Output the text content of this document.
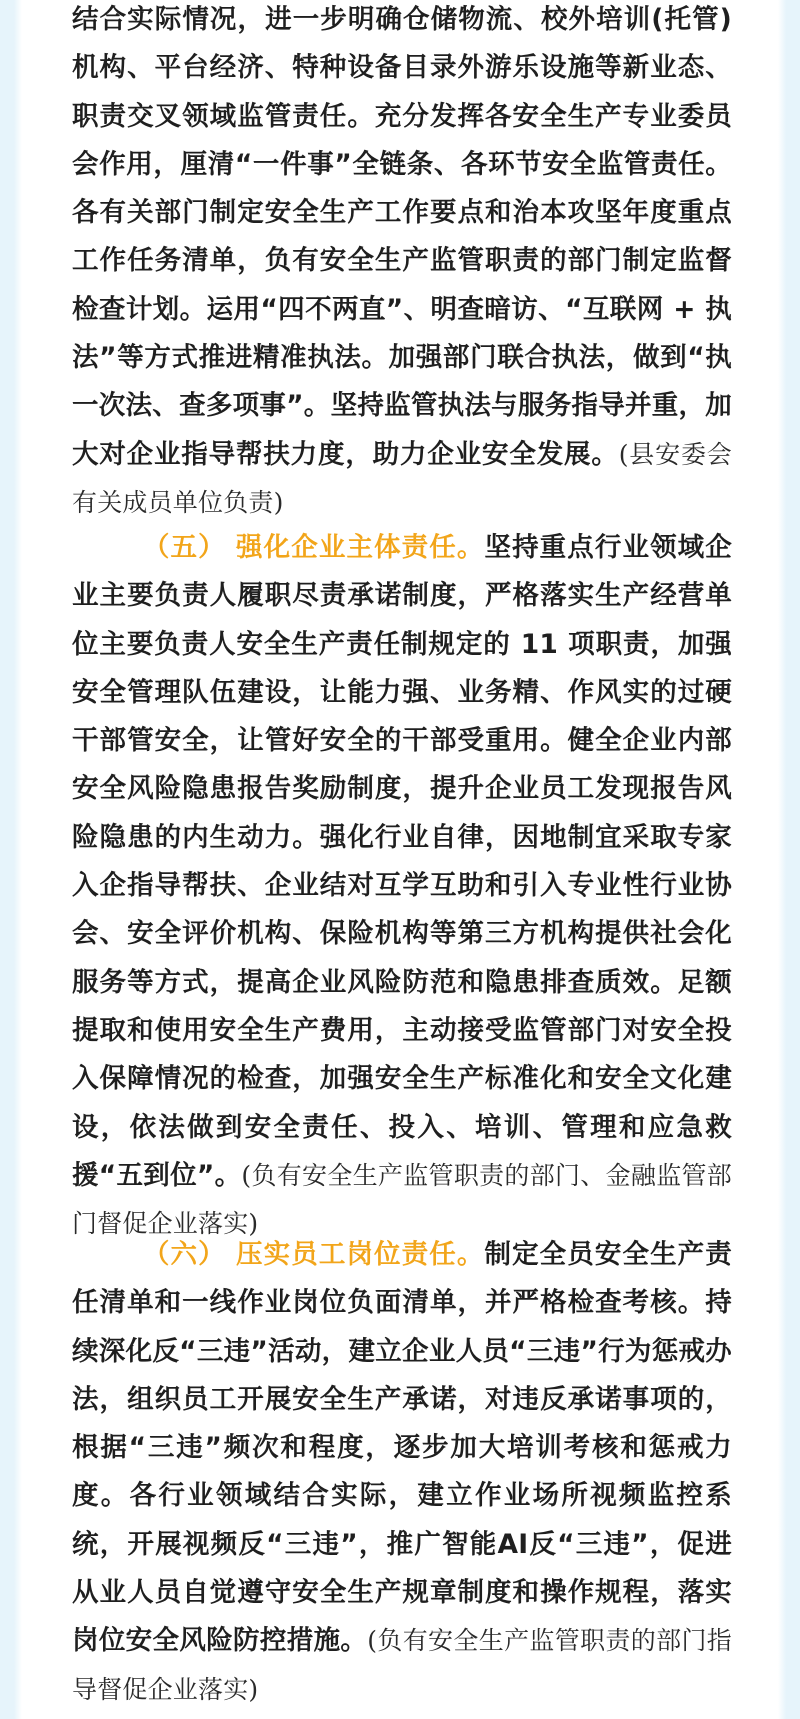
结合实际情况，进一步明确仓储物流、校外培训(托管)机构、平台经济、特种设备目录外游乐设施等新业态、职责交叉领域监管责任。充分发挥各安全生产专业委员会作用，厘清“一件事”全链条、各环节安全监管责任。各有关部门制定安全生产工作要点和治本攻坚年度重点工作任务清单，负有安全生产监管职责的部门制定监督检查计划。运用“四不两直”、明查暗访、“互联网 + 执法”等方式推进精准执法。加强部门联合执法，做到“执一次法、查多项事”。坚持监管执法与服务指导并重，加大对企业指导帮扶力度，助力企业安全发展。(县安委会有关成员单位负责)
（五） 强化企业主体责任。坚持重点行业领域企业主要负责人履职尽责承诺制度，严格落实生产经营单位主要负责人安全生产责任制规定的 11 项职责，加强安全管理队伍建设，让能力强、业务精、作风实的过硬干部管安全，让管好安全的干部受重用。健全企业内部安全风险隐患报告奖励制度，提升企业员工发现报告风险隐患的内生动力。强化行业自律，因地制宜采取专家入企指导帮扶、企业结对互学互助和引入专业性行业协会、安全评价机构、保险机构等第三方机构提供社会化服务等方式，提高企业风险防范和隐患排查质效。足额提取和使用安全生产费用，主动接受监管部门对安全投入保障情况的检查，加强安全生产标准化和安全文化建设，依法做到安全责任、投入、培训、管理和应急救援“五到位”。(负有安全生产监管职责的部门、金融监管部门督促企业落实)
（六） 压实员工岗位责任。制定全员安全生产责任清单和一线作业岗位负面清单，并严格检查考核。持续深化反“三违”活动，建立企业人员“三违”行为惩戒办法，组织员工开展安全生产承诺，对违反承诺事项的，根据“三违”频次和程度，逐步加大培训考核和惩戒力度。各行业领域结合实际，建立作业场所视频监控系统，开展视频反“三违”，推广智能AI反“三违”，促进从业人员自觉遵守安全生产规章制度和操作规程，落实岗位安全风险防控措施。(负有安全生产监管职责的部门指导督促企业落实)
